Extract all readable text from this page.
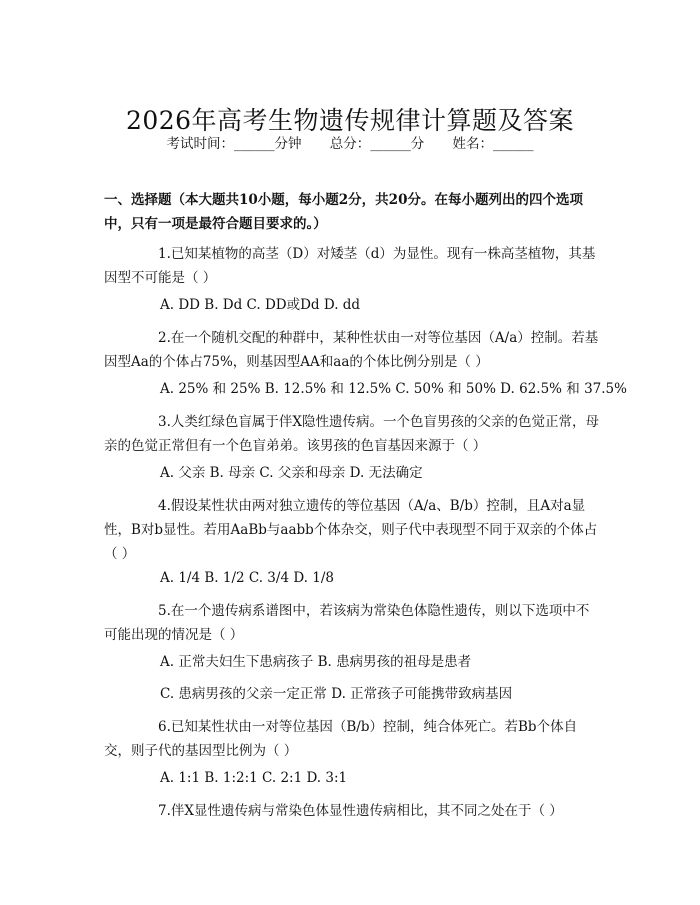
2026年高考生物遗传规律计算题及答案
考试时间：______分钟 总分：______分 姓名：______
一、选择题（本大题共10小题，每小题2分，共20分。在每小题列出的四个选项中，只有一项是最符合题目要求的。）
1.已知某植物的高茎（D）对矮茎（d）为显性。现有一株高茎植物，其基因型不可能是（ ）
A. DD B. Dd C. DD或Dd D. dd
2.在一个随机交配的种群中，某种性状由一对等位基因（A/a）控制。若基因型Aa的个体占75%，则基因型AA和aa的个体比例分别是（ ）
A. 25% 和 25% B. 12.5% 和 12.5% C. 50% 和 50% D. 62.5% 和 37.5%
3.人类红绿色盲属于伴X隐性遗传病。一个色盲男孩的父亲的色觉正常，母亲的色觉正常但有一个色盲弟弟。该男孩的色盲基因来源于（ ）
A. 父亲 B. 母亲 C. 父亲和母亲 D. 无法确定
4.假设某性状由两对独立遗传的等位基因（A/a、B/b）控制，且A对a显性，B对b显性。若用AaBb与aabb个体杂交，则子代中表现型不同于双亲的个体占（ ）
A. 1/4 B. 1/2 C. 3/4 D. 1/8
5.在一个遗传病系谱图中，若该病为常染色体隐性遗传，则以下选项中不可能出现的情况是（ ）
A. 正常夫妇生下患病孩子 B. 患病男孩的祖母是患者
C. 患病男孩的父亲一定正常 D. 正常孩子可能携带致病基因
6.已知某性状由一对等位基因（B/b）控制，纯合体死亡。若Bb个体自交，则子代的基因型比例为（ ）
A. 1:1 B. 1:2:1 C. 2:1 D. 3:1
7.伴X显性遗传病与常染色体显性遗传病相比，其不同之处在于（ ）
